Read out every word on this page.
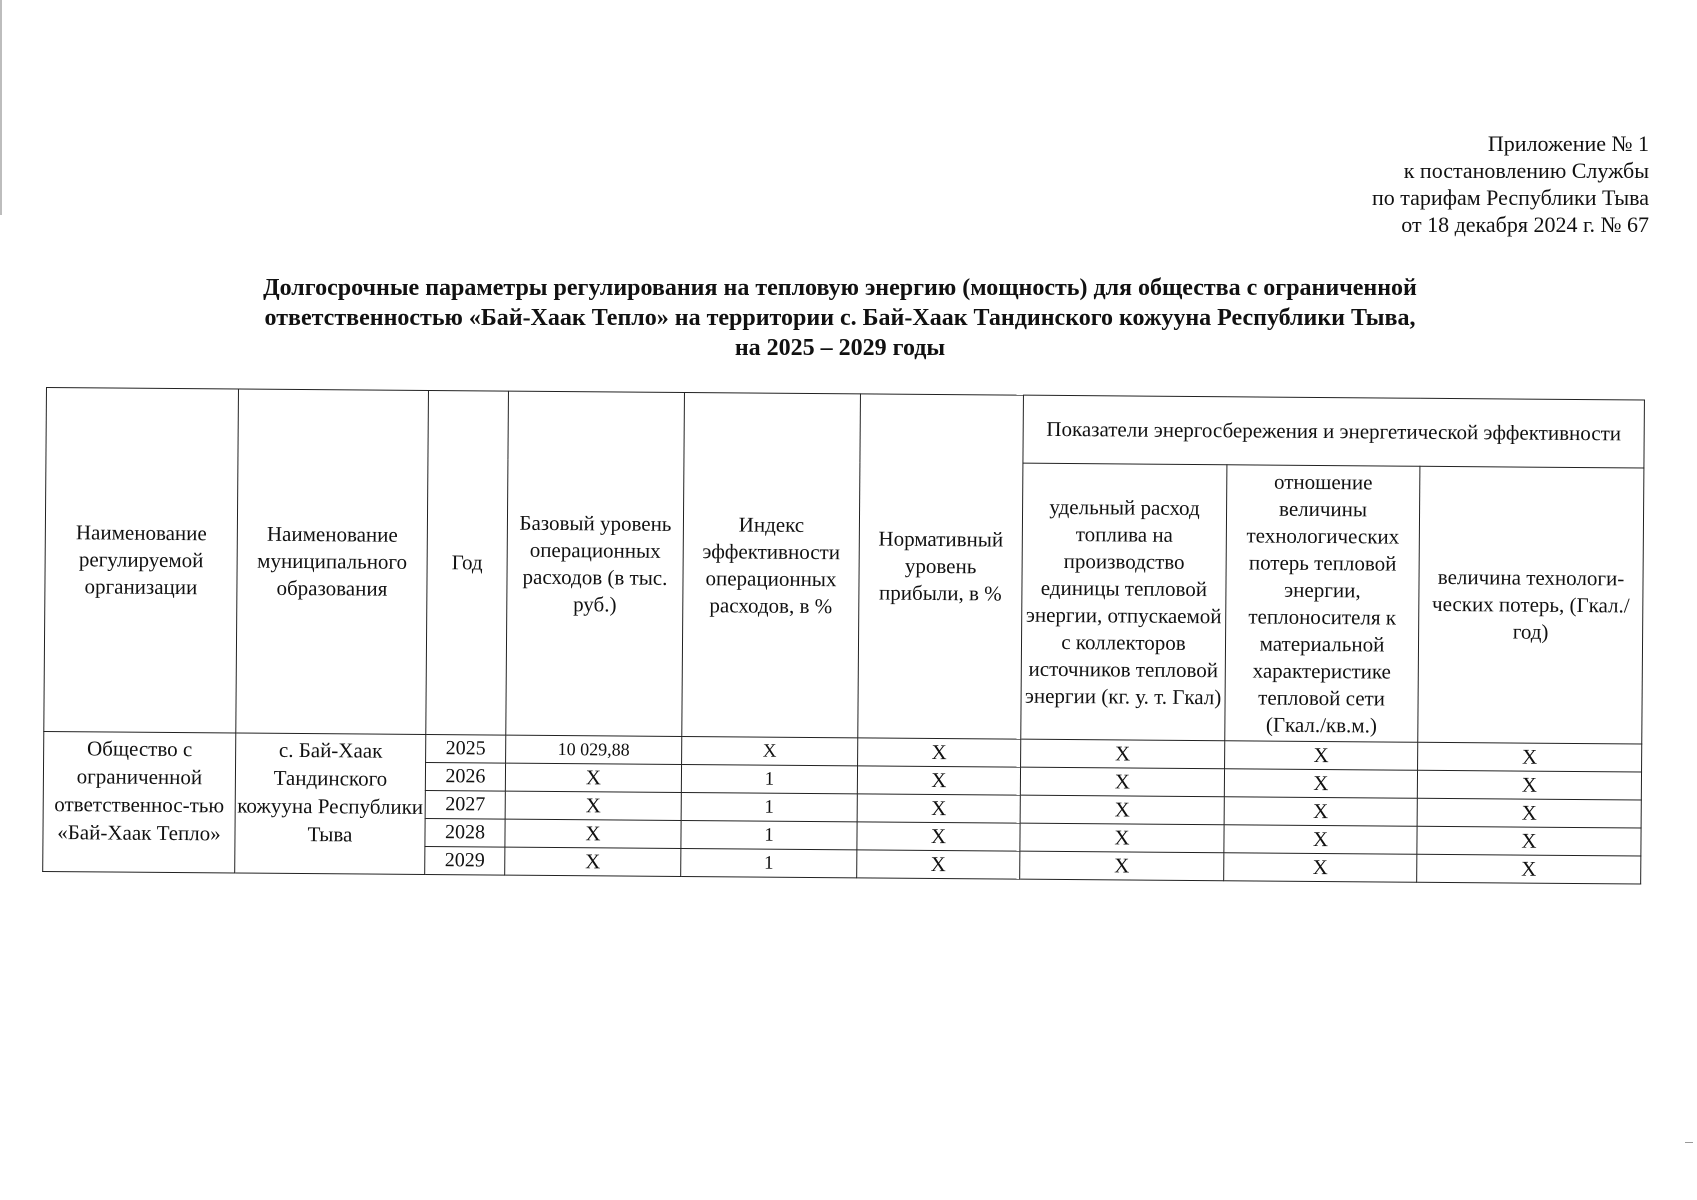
Приложение № 1
к постановлению Службы
по тарифам Республики Тыва
от 18 декабря 2024 г. № 67
Долгосрочные параметры регулирования на тепловую энергию (мощность) для общества с ограниченной
ответственностью «Бай-Хаак Тепло» на территории с. Бай-Хаак Тандинского кожууна Республики Тыва,
на 2025 – 2029 годы
Наименование регулируемой организации	Наименование муниципального образования	Год	Базовый уровень операционных расходов (в тыс. руб.)	Индекс эффективности операционных расходов, в %	Нормативный уровень прибыли, в %	Показатели энергосбережения и энергетической эффективности		
						удельный расход топлива на производство единицы тепловой энергии, отпускаемой с коллекторов источников тепловой энергии (кг. у. т. Гкал)	отношение величины технологических потерь тепловой энергии, теплоносителя к материальной характеристике тепловой сети (Гкал./кв.м.)	величина технологи-ческих потерь, (Гкал./год)
Общество с ограниченной ответственнос-тью «Бай-Хаак Тепло»	с. Бай-Хаак Тандинского кожууна Республики Тыва	2025	10 029,88	X	X	X	X	X
		2026	X	1	X	X	X	X
		2027	X	1	X	X	X	X
		2028	X	1	X	X	X	X
		2029	X	1	X	X	X	X
